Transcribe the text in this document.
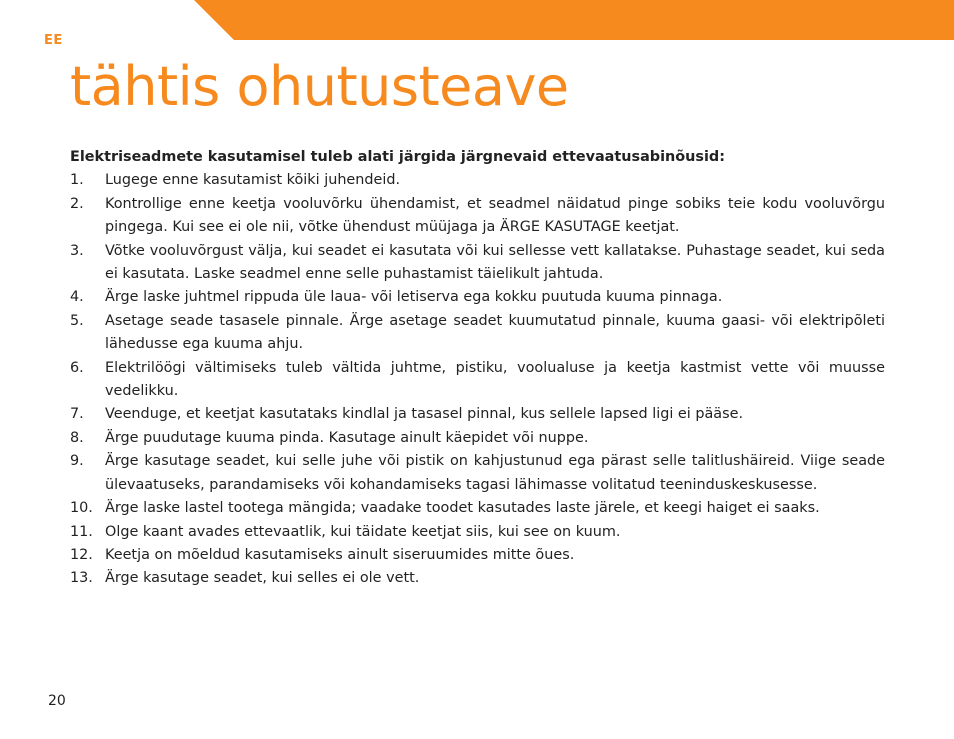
EE
tähtis ohutusteave

Elektriseadmete kasutamisel tuleb alati järgida järgnevaid ettevaatusabinõusid:

1.	Lugege enne kasutamist kõiki juhendeid.
2.	Kontrollige enne keetja vooluvõrku ühendamist, et seadmel näidatud pinge sobiks teie kodu vooluvõrgu pingega. Kui see ei ole nii, võtke ühendust müüjaga ja ÄRGE KASUTAGE keetjat.
3.	Võtke vooluvõrgust välja, kui seadet ei kasutata või kui sellesse vett kallatakse. Puhastage seadet, kui seda ei kasutata. Laske seadmel enne selle puhastamist täielikult jahtuda.
4.	Ärge laske juhtmel rippuda üle laua- või letiserva ega kokku puutuda kuuma pinnaga.
5.	Asetage seade tasasele pinnale. Ärge asetage seadet kuumutatud pinnale, kuuma gaasi- või elektripõleti lähedusse ega kuuma ahju.
6.	Elektrilöögi vältimiseks tuleb vältida juhtme, pistiku, voolualuse ja keetja kastmist vette või muusse vedelikku.
7.	Veenduge, et keetjat kasutataks kindlal ja tasasel pinnal, kus sellele lapsed ligi ei pääse.
8.	Ärge puudutage kuuma pinda. Kasutage ainult käepidet või nuppe.
9.	Ärge kasutage seadet, kui selle juhe või pistik on kahjustunud ega pärast selle talitlushäireid. Viige seade ülevaatuseks, parandamiseks või kohandamiseks tagasi lähimasse volitatud teeninduskeskusesse.
10. Ärge laske lastel tootega mängida; vaadake toodet kasutades laste järele, et keegi haiget ei saaks.
11. Olge kaant avades ettevaatlik, kui täidate keetjat siis, kui see on kuum.
12. Keetja on mõeldud kasutamiseks ainult siseruumides mitte õues.
13. Ärge kasutage seadet, kui selles ei ole vett.
20
